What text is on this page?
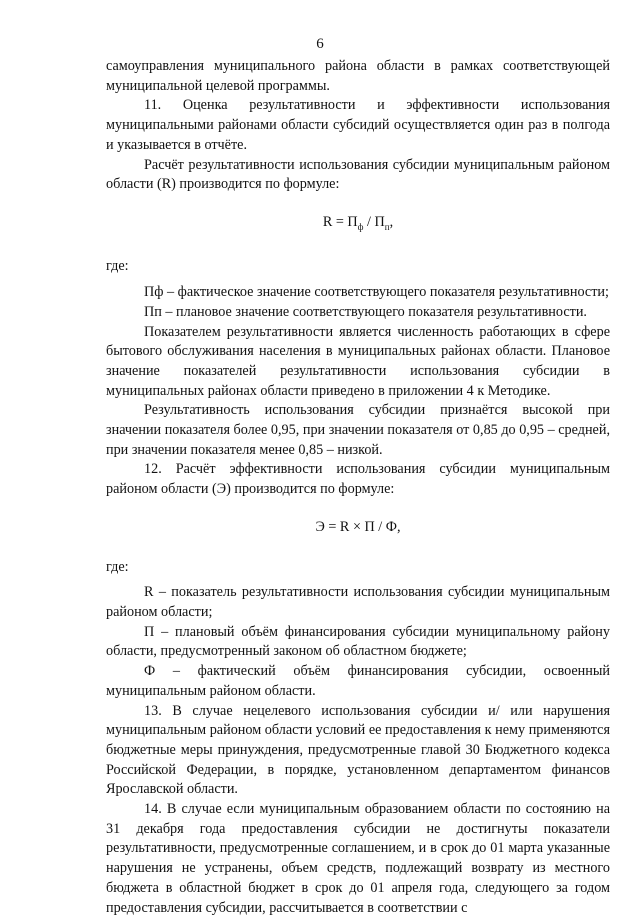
6

самоуправления муниципального района области в рамках соответствующей муниципальной целевой программы.

11. Оценка результативности и эффективности использования муниципальными районами области субсидий осуществляется один раз в полгода и указывается в отчёте.

Расчёт результативности использования субсидии муниципальным районом области (R) производится по формуле:

$R = П_ф / П_п$,

где:

Пф – фактическое значение соответствующего показателя результативности;

Пп – плановое значение соответствующего показателя результативности.

Показателем результативности является численность работающих в сфере бытового обслуживания населения в муниципальных районах области. Плановое значение показателей результативности использования субсидии в муниципальных районах области приведено в приложении 4 к Методике.

Результативность использования субсидии признаётся высокой при значении показателя более 0,95, при значении показателя от 0,85 до 0,95 – средней, при значении показателя менее 0,85 – низкой.

12. Расчёт эффективности использования субсидии муниципальным районом области (Э) производится по формуле:

Э = R × П / Ф,

где:

R – показатель результативности использования субсидии муниципальным районом области;

П – плановый объём финансирования субсидии муниципальному району области, предусмотренный законом об областном бюджете;

Ф – фактический объём финансирования субсидии, освоенный муниципальным районом области.

13. В случае нецелевого использования субсидии и/ или нарушения муниципальным районом области условий ее предоставления к нему применяются бюджетные меры принуждения, предусмотренные главой 30 Бюджетного кодекса Российской Федерации, в порядке, установленном департаментом финансов Ярославской области.

14. В случае если муниципальным образованием области по состоянию на 31 декабря года предоставления субсидии не достигнуты показатели результативности, предусмотренные соглашением, и в срок до 01 марта указанные нарушения не устранены, объем средств, подлежащий возврату из местного бюджета в областной бюджет в срок до 01 апреля года, следующего за годом предоставления субсидии, рассчитывается в соответствии с
